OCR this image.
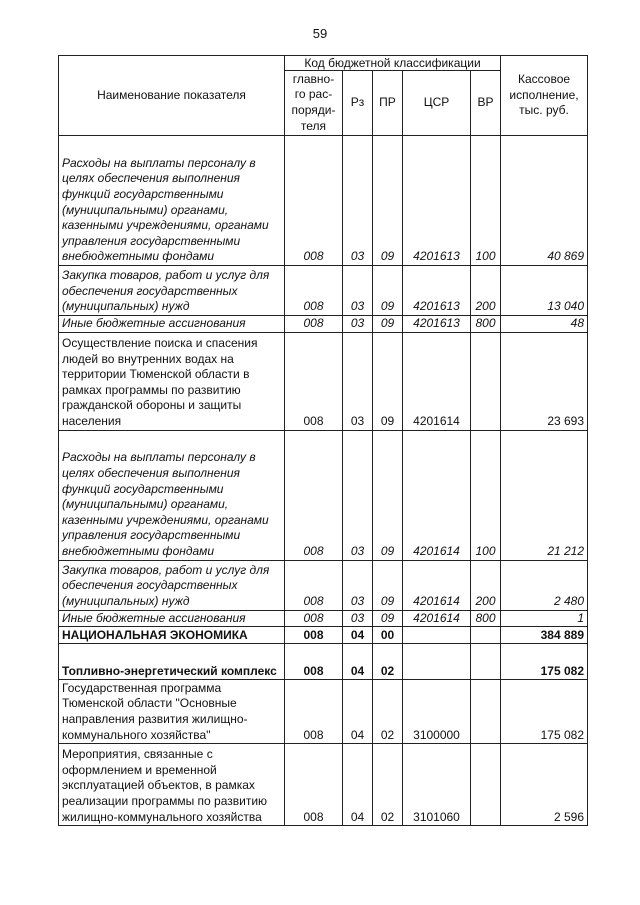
59
Наименование показателя	Код бюджетной классификации					Кассовое исполнение, тыс. руб.
	главно-го рас-поряди-теля	Рз	ПР	ЦСР	ВР	
Расходы на выплаты персоналу в целях обеспечения выполнения функций государственными (муниципальными) органами, казенными учреждениями, органами управления государственными внебюджетными фондами	008	03	09	4201613	100	40 869
Закупка товаров, работ и услуг для обеспечения государственных (муниципальных) нужд	008	03	09	4201613	200	13 040
Иные бюджетные ассигнования	008	03	09	4201613	800	48
Осуществление поиска и спасения людей во внутренних водах на территории Тюменской области в рамках программы по развитию гражданской обороны и защиты населения	008	03	09	4201614		23 693
Расходы на выплаты персоналу в целях обеспечения выполнения функций государственными (муниципальными) органами, казенными учреждениями, органами управления государственными внебюджетными фондами	008	03	09	4201614	100	21 212
Закупка товаров, работ и услуг для обеспечения государственных (муниципальных) нужд	008	03	09	4201614	200	2 480
Иные бюджетные ассигнования	008	03	09	4201614	800	1
НАЦИОНАЛЬНАЯ ЭКОНОМИКА	008	04	00			384 889
Топливно-энергетический комплекс	008	04	02			175 082
Государственная программа Тюменской области "Основные направления развития жилищно-коммунального хозяйства"	008	04	02	3100000		175 082
Мероприятия, связанные с оформлением и временной эксплуатацией объектов, в рамках реализации программы по развитию жилищно-коммунального хозяйства	008	04	02	3101060		2 596
